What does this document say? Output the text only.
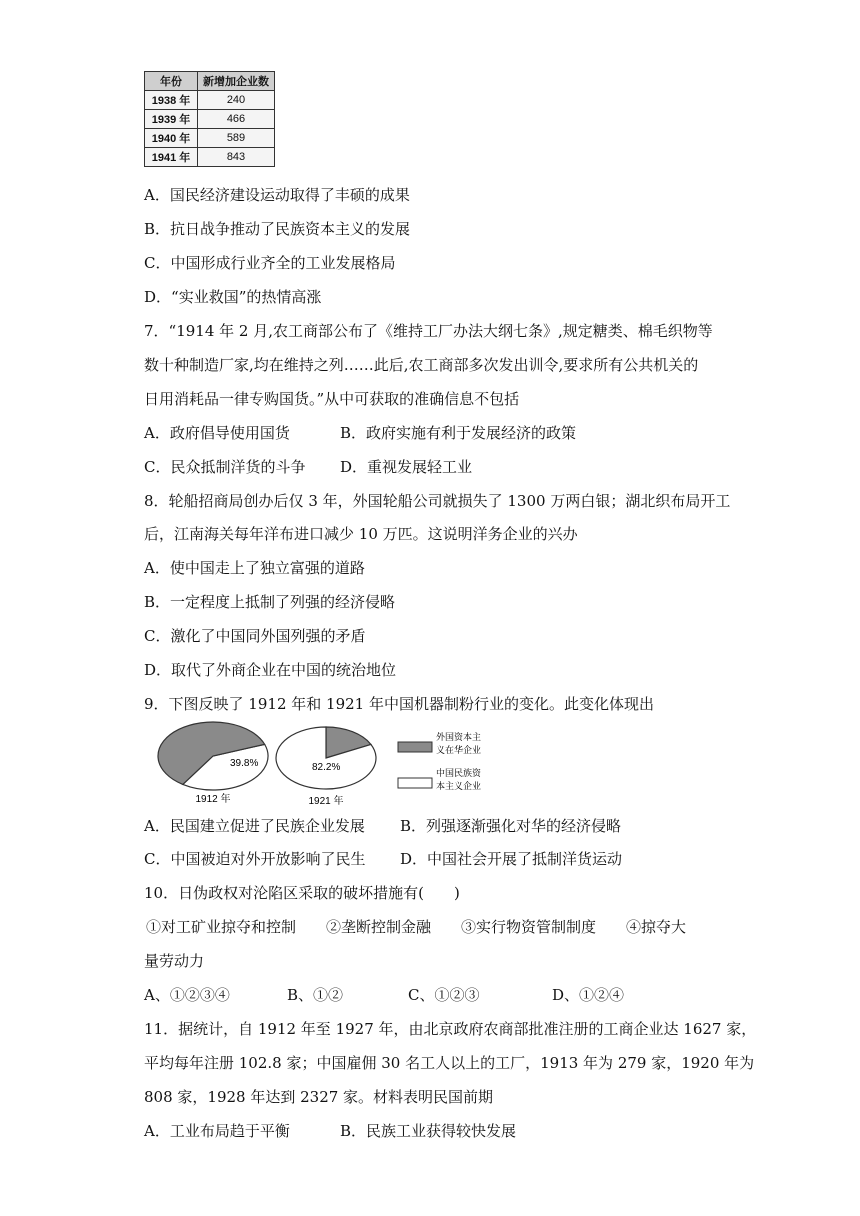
年份	新增加企业数
1938 年	240
1939 年	466
1940 年	589
1941 年	843
A．国民经济建设运动取得了丰硕的成果
B．抗日战争推动了民族资本主义的发展
C．中国形成行业齐全的工业发展格局
D．“实业救国”的热情高涨
7．“1914 年 2 月,农工商部公布了《维持工厂办法大纲七条》,规定糖类、棉毛织物等
数十种制造厂家,均在维持之列……此后,农工商部多次发出训令,要求所有公共机关的
日用消耗品一律专购国货。”从中可获取的准确信息不包括
A．政府倡导使用国货	B．政府实施有利于发展经济的政策
C．民众抵制洋货的斗争 D．重视发展轻工业
8．轮船招商局创办后仅 3 年，外国轮船公司就损失了 1300 万两白银；湖北织布局开工
后，江南海关每年洋布进口减少 10 万匹。这说明洋务企业的兴办
A．使中国走上了独立富强的道路
B．一定程度上抵制了列强的经济侵略
C．激化了中国同外国列强的矛盾
D．取代了外商企业在中国的统治地位
9．下图反映了 1912 年和 1921 年中国机器制粉行业的变化。此变化体现出
39.8%	82.2%
1912 年	1921 年
外国资本主
义在华企业
中国民族资
本主义企业
A．民国建立促进了民族企业发展 B．列强逐渐强化对华的经济侵略
C．中国被迫对外开放影响了民生 D．中国社会开展了抵制洋货运动
10．日伪政权对沦陷区采取的破坏措施有(　　)
①对工矿业掠夺和控制　　②垄断控制金融　　③实行物资管制制度　　④掠夺大
量劳动力
A、①②③④	B、①②	C、①②③	D、①②④
11．据统计，自 1912 年至 1927 年，由北京政府农商部批准注册的工商企业达 1627 家，
平均每年注册 102.8 家；中国雇佣 30 名工人以上的工厂，1913 年为 279 家，1920 年为
808 家，1928 年达到 2327 家。材料表明民国前期
A．工业布局趋于平衡	B．民族工业获得较快发展
